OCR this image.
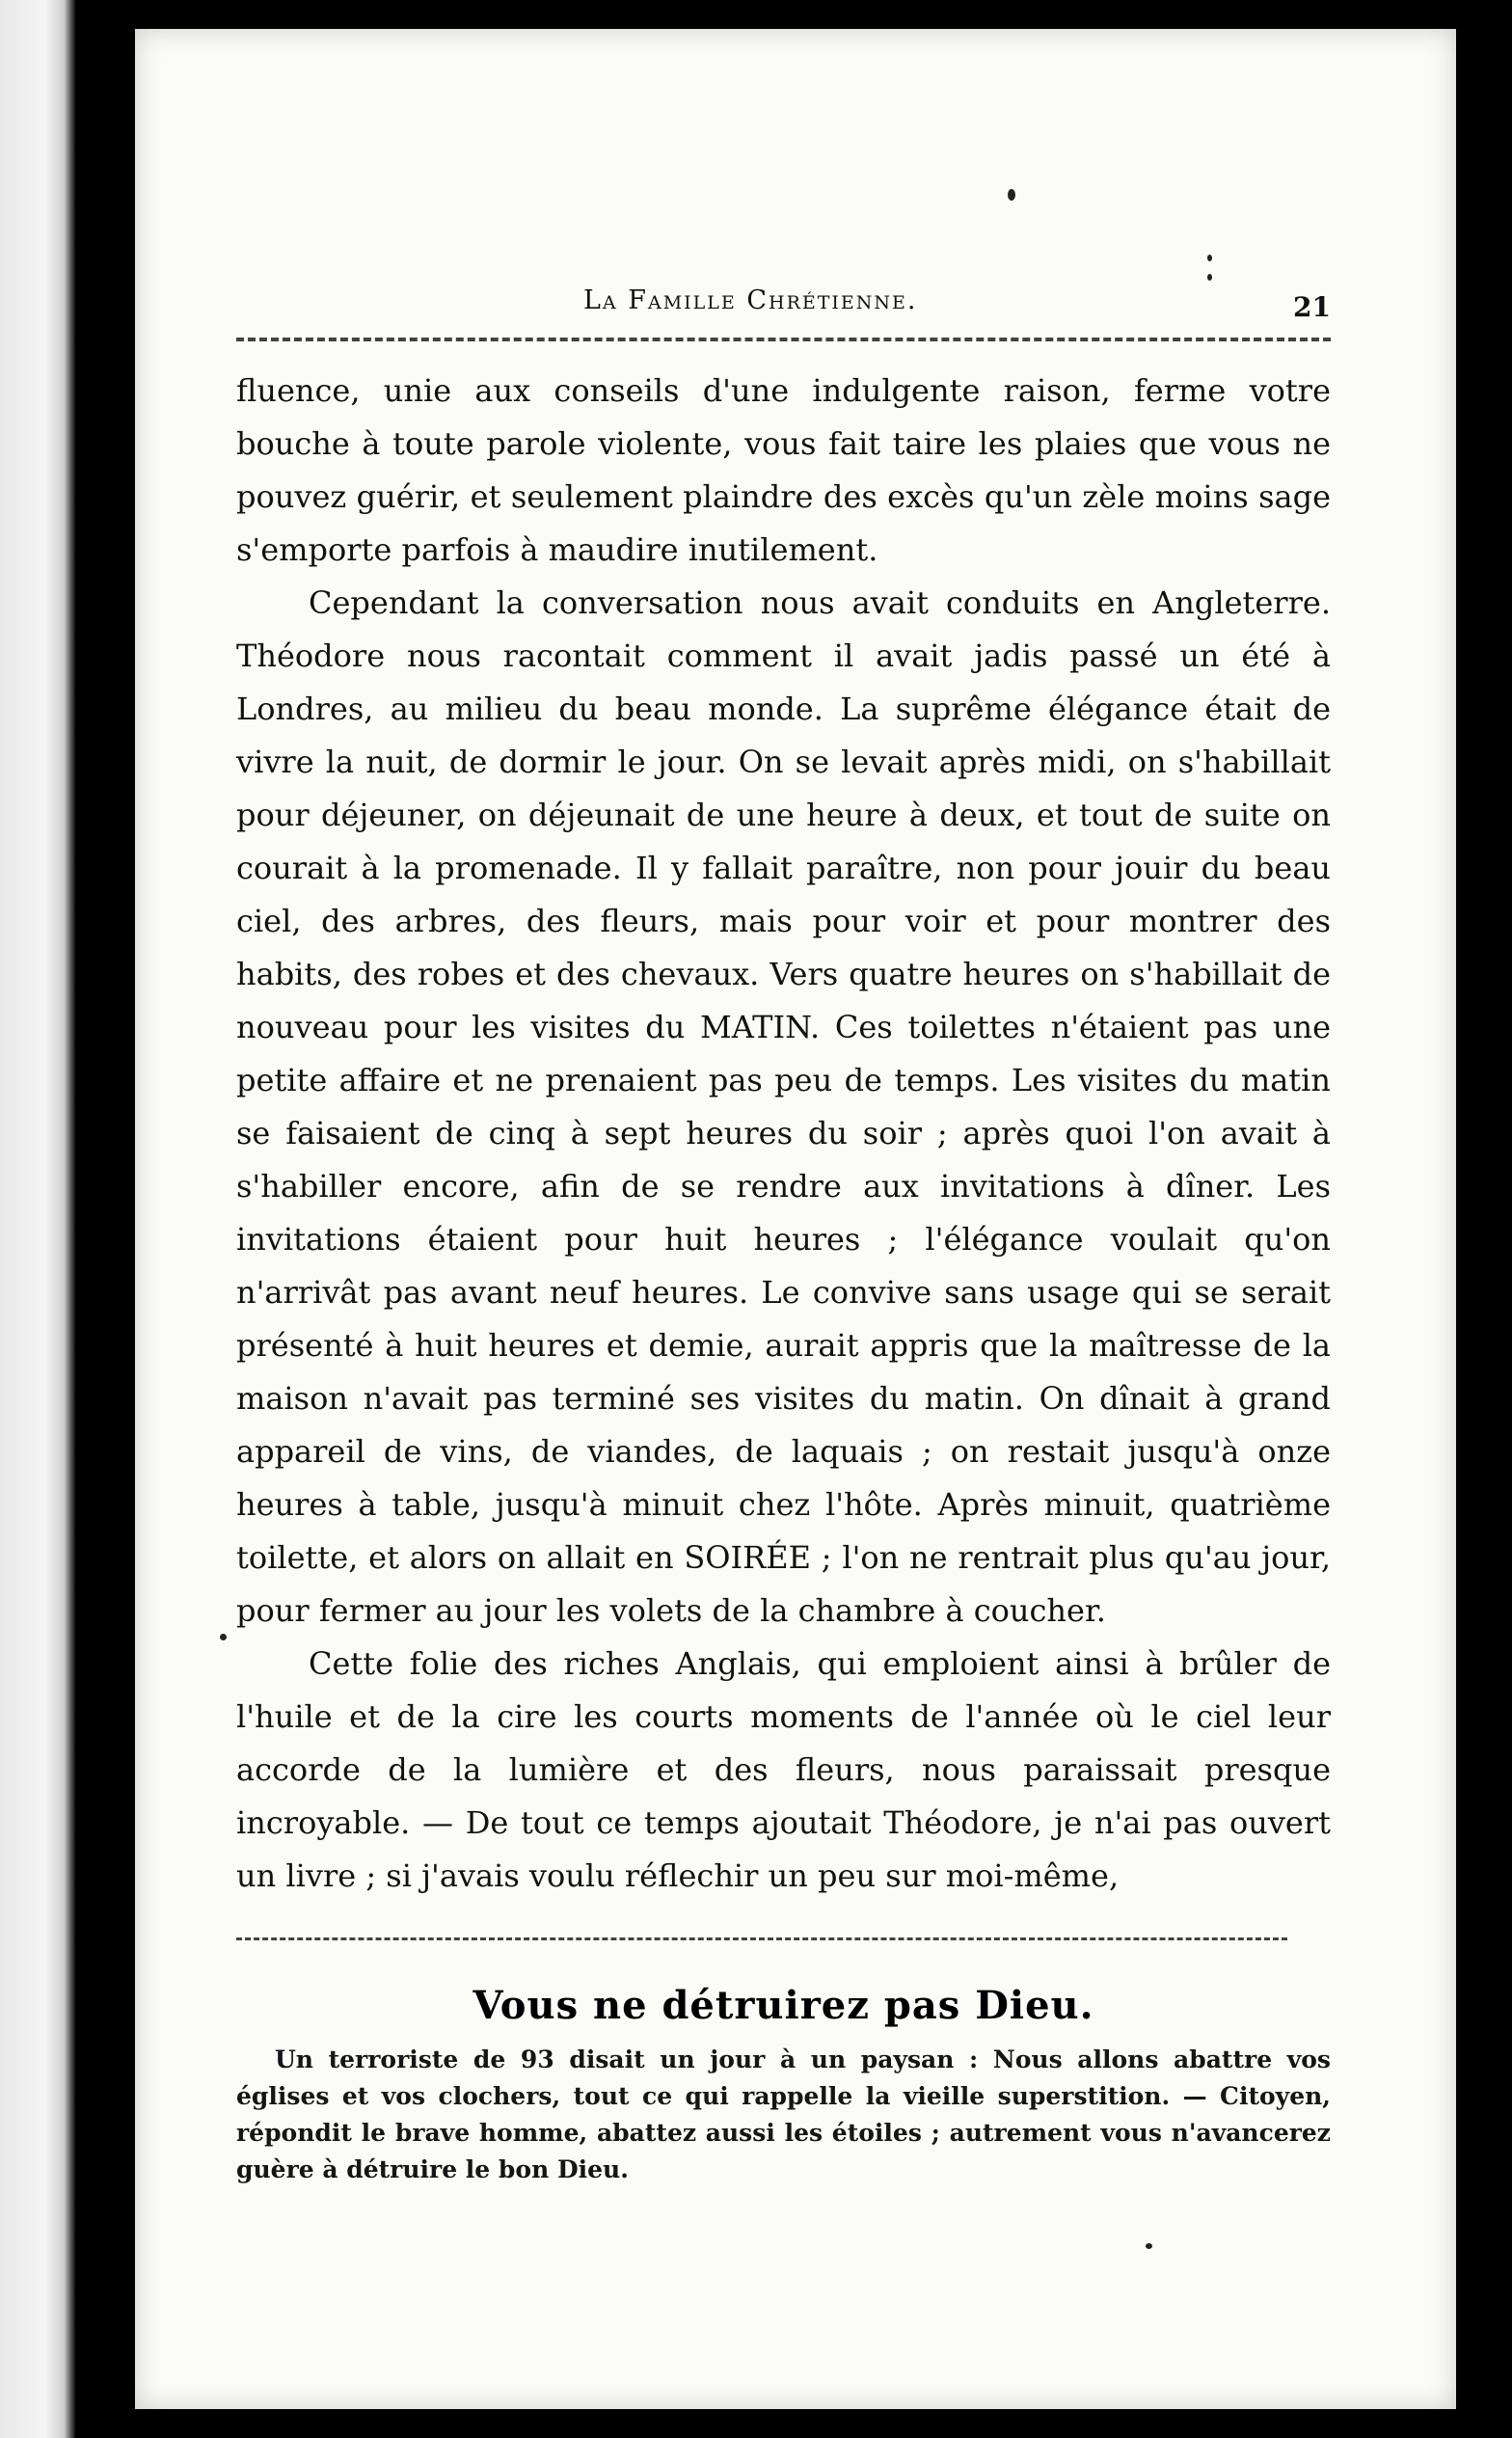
La Famille Chrétienne.	21

fluence, unie aux conseils d'une indulgente raison, ferme votre bouche à toute parole violente, vous fait taire les plaies que vous ne pouvez guérir, et seulement plaindre des excès qu'un zèle moins sage s'emporte parfois à maudire inutilement.

Cependant la conversation nous avait conduits en Angleterre. Théodore nous racontait comment il avait jadis passé un été à Londres, au milieu du beau monde. La suprême élégance était de vivre la nuit, de dormir le jour. On se levait après midi, on s'habillait pour déjeuner, on déjeunait de une heure à deux, et tout de suite on courait à la promenade. Il y fallait paraître, non pour jouir du beau ciel, des arbres, des fleurs, mais pour voir et pour montrer des habits, des robes et des chevaux. Vers quatre heures on s'habillait de nouveau pour les visites du MATIN. Ces toilettes n'étaient pas une petite affaire et ne prenaient pas peu de temps. Les visites du matin se faisaient de cinq à sept heures du soir ; après quoi l'on avait à s'habiller encore, afin de se rendre aux invitations à dîner. Les invitations étaient pour huit heures ; l'élégance voulait qu'on n'arrivât pas avant neuf heures. Le convive sans usage qui se serait présenté à huit heures et demie, aurait appris que la maîtresse de la maison n'avait pas terminé ses visites du matin. On dînait à grand appareil de vins, de viandes, de laquais ; on restait jusqu'à onze heures à table, jusqu'à minuit chez l'hôte. Après minuit, quatrième toilette, et alors on allait en SOIRÉE ; l'on ne rentrait plus qu'au jour, pour fermer au jour les volets de la chambre à coucher.

Cette folie des riches Anglais, qui emploient ainsi à brûler de l'huile et de la cire les courts moments de l'année où le ciel leur accorde de la lumière et des fleurs, nous paraissait presque incroyable. — De tout ce temps ajoutait Théodore, je n'ai pas ouvert un livre ; si j'avais voulu réflechir un peu sur moi-même,

Vous ne détruirez pas Dieu.

Un terroriste de 93 disait un jour à un paysan : Nous allons abattre vos églises et vos clochers, tout ce qui rappelle la vieille superstition. — Citoyen, répondit le brave homme, abattez aussi les étoiles ; autrement vous n'avancerez guère à détruire le bon Dieu.
